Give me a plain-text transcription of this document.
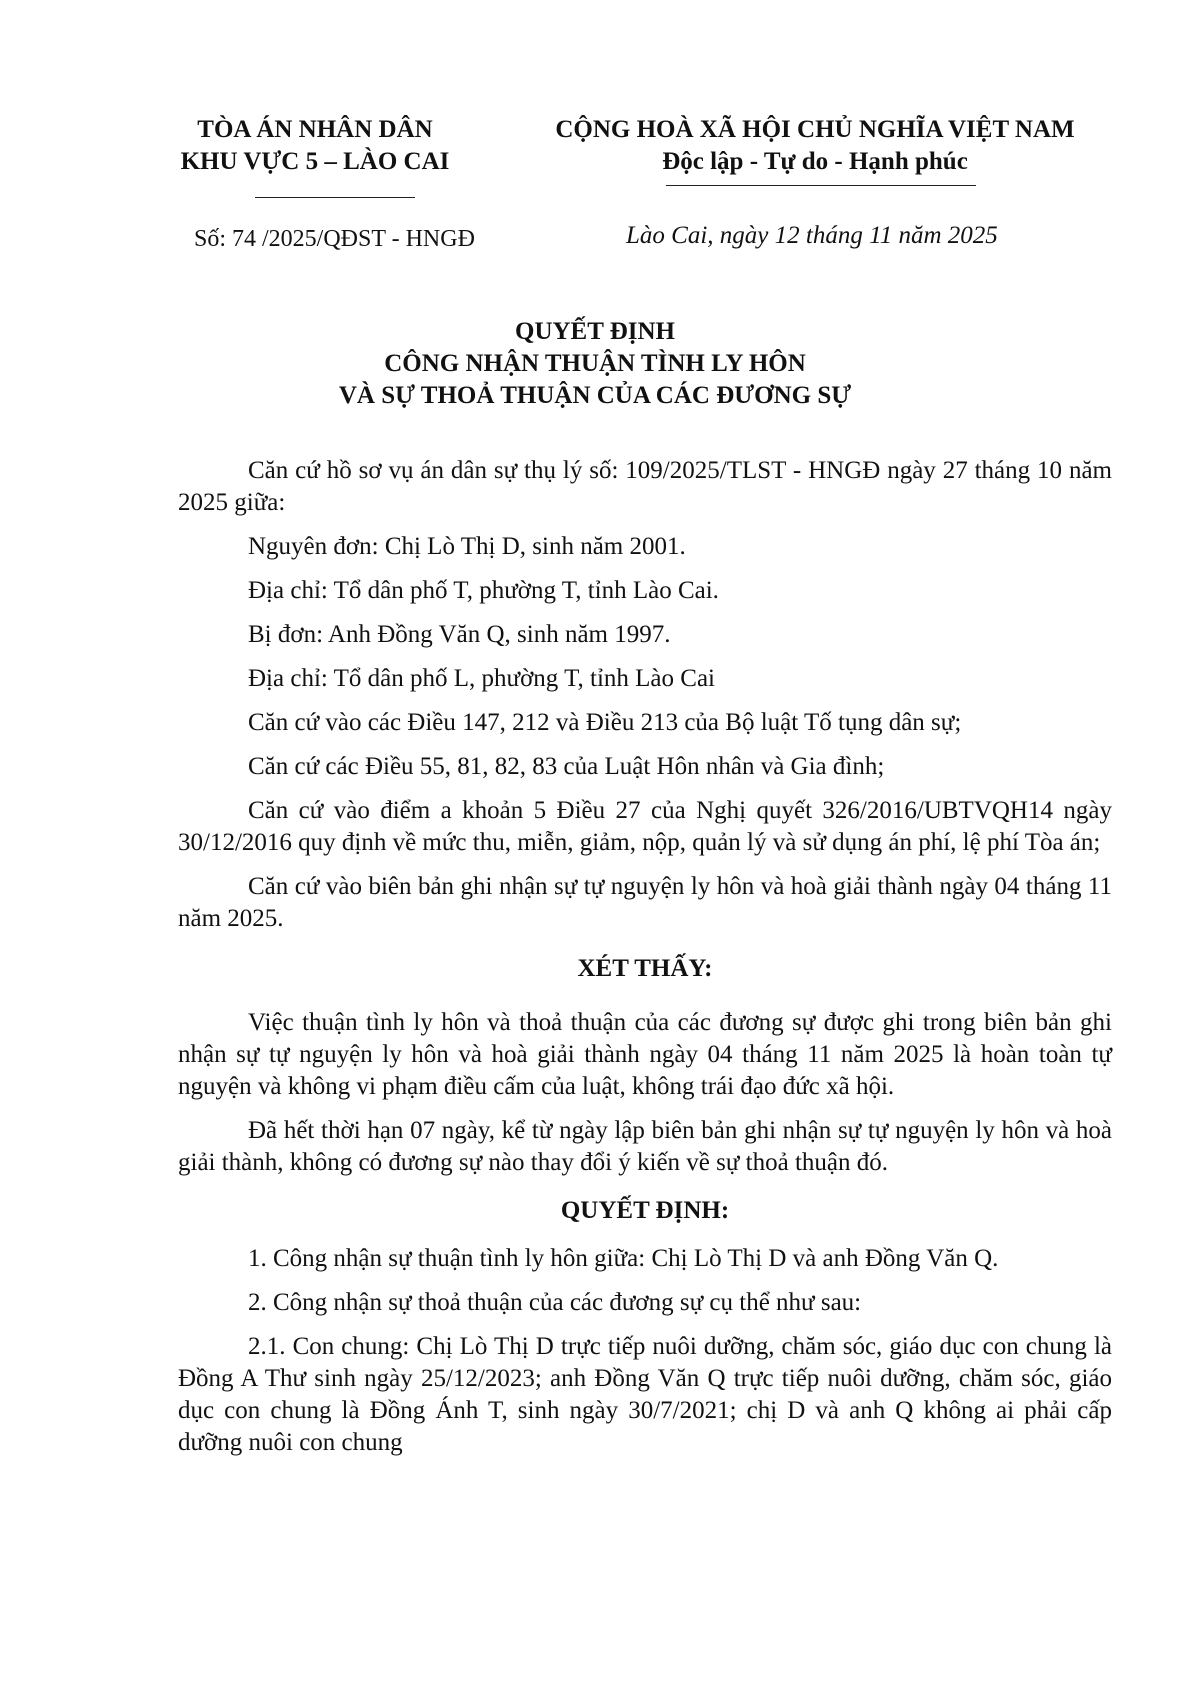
TÒA ÁN NHÂN DÂN
KHU VỰC 5 – LÀO CAI
CỘNG HOÀ XÃ HỘI CHỦ NGHĨA VIỆT NAM
Độc lập - Tự do - Hạnh phúc
Số: 74 /2025/QĐST - HNGĐ	Lào Cai, ngày 12 tháng 11 năm 2025
QUYẾT ĐỊNH
CÔNG NHẬN THUẬN TÌNH LY HÔN
VÀ SỰ THOẢ THUẬN CỦA CÁC ĐƯƠNG SỰ

Căn cứ hồ sơ vụ án dân sự thụ lý số: 109/2025/TLST - HNGĐ ngày 27 tháng 10 năm 2025 giữa:

Nguyên đơn: Chị Lò Thị D, sinh năm 2001.

Địa chỉ: Tổ dân phố T, phường T, tỉnh Lào Cai.

Bị đơn: Anh Đồng Văn Q, sinh năm 1997.

Địa chỉ: Tổ dân phố L, phường T, tỉnh Lào Cai

Căn cứ vào các Điều 147, 212 và Điều 213 của Bộ luật Tố tụng dân sự;

Căn cứ các Điều 55, 81, 82, 83 của Luật Hôn nhân và Gia đình;

Căn cứ vào điểm a khoản 5 Điều 27 của Nghị quyết 326/2016/UBTVQH14 ngày 30/12/2016 quy định về mức thu, miễn, giảm, nộp, quản lý và sử dụng án phí, lệ phí Tòa án;

Căn cứ vào biên bản ghi nhận sự tự nguyện ly hôn và hoà giải thành ngày 04 tháng 11 năm 2025.

XÉT THẤY:

Việc thuận tình ly hôn và thoả thuận của các đương sự được ghi trong biên bản ghi nhận sự tự nguyện ly hôn và hoà giải thành ngày 04 tháng 11 năm 2025 là hoàn toàn tự nguyện và không vi phạm điều cấm của luật, không trái đạo đức xã hội.

Đã hết thời hạn 07 ngày, kể từ ngày lập biên bản ghi nhận sự tự nguyện ly hôn và hoà giải thành, không có đương sự nào thay đổi ý kiến về sự thoả thuận đó.

QUYẾT ĐỊNH:

1. Công nhận sự thuận tình ly hôn giữa: Chị Lò Thị D và anh Đồng Văn Q.

2. Công nhận sự thoả thuận của các đương sự cụ thể như sau:

2.1. Con chung: Chị Lò Thị D trực tiếp nuôi dưỡng, chăm sóc, giáo dục con chung là Đồng A Thư sinh ngày 25/12/2023; anh Đồng Văn Q trực tiếp nuôi dưỡng, chăm sóc, giáo dục con chung là Đồng Ánh T, sinh ngày 30/7/2021; chị D và anh Q không ai phải cấp dưỡng nuôi con chung
